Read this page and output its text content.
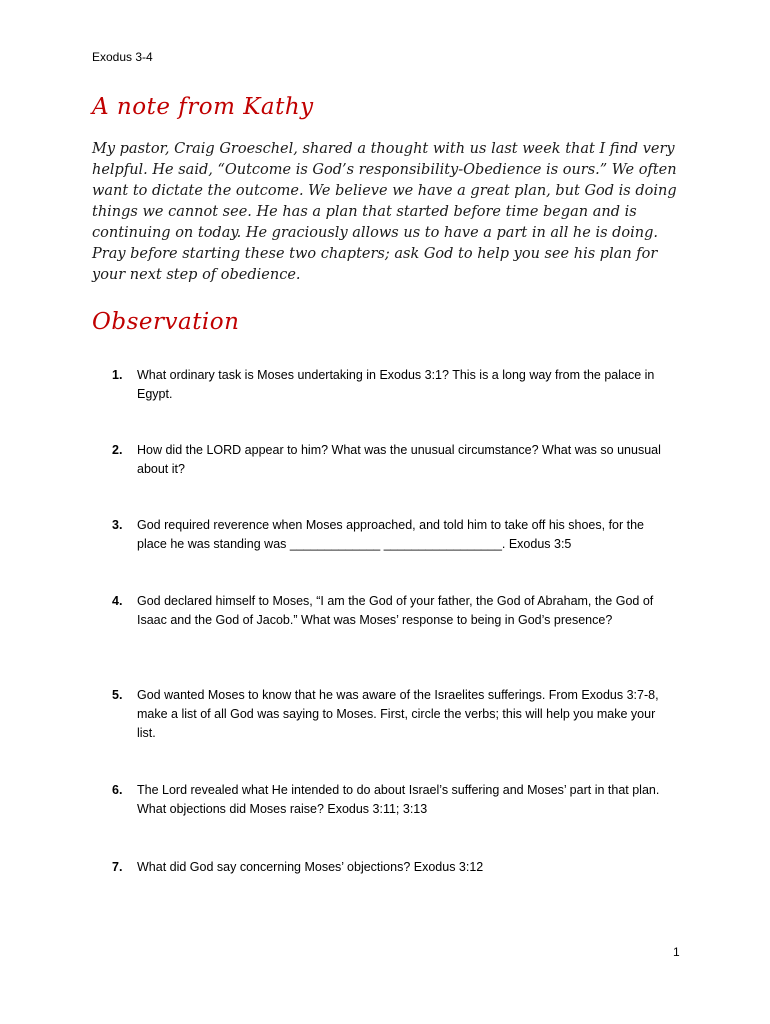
Exodus 3-4
A note from Kathy

My pastor, Craig Groeschel, shared a thought with us last week that I find very helpful. He said, “Outcome is God’s responsibility-Obedience is ours.” We often want to dictate the outcome. We believe we have a great plan, but God is doing things we cannot see. He has a plan that started before time began and is continuing on today. He graciously allows us to have a part in all he is doing. Pray before starting these two chapters; ask God to help you see his plan for your next step of obedience.

Observation
1.	What ordinary task is Moses undertaking in Exodus 3:1? This is a long way from the palace in Egypt.
2.	How did the LORD appear to him? What was the unusual circumstance? What was so unusual about it?
3.	God required reverence when Moses approached, and told him to take off his shoes, for the place he was standing was _____________ _________________. Exodus 3:5
4.	God declared himself to Moses, “I am the God of your father, the God of Abraham, the God of Isaac and the God of Jacob.” What was Moses’ response to being in God’s presence?
5.	God wanted Moses to know that he was aware of the Israelites sufferings. From Exodus 3:7-8, make a list of all God was saying to Moses. First, circle the verbs; this will help you make your list.
6.	The Lord revealed what He intended to do about Israel’s suffering and Moses’ part in that plan. What objections did Moses raise? Exodus 3:11; 3:13
7.	What did God say concerning Moses’ objections? Exodus 3:12
1
